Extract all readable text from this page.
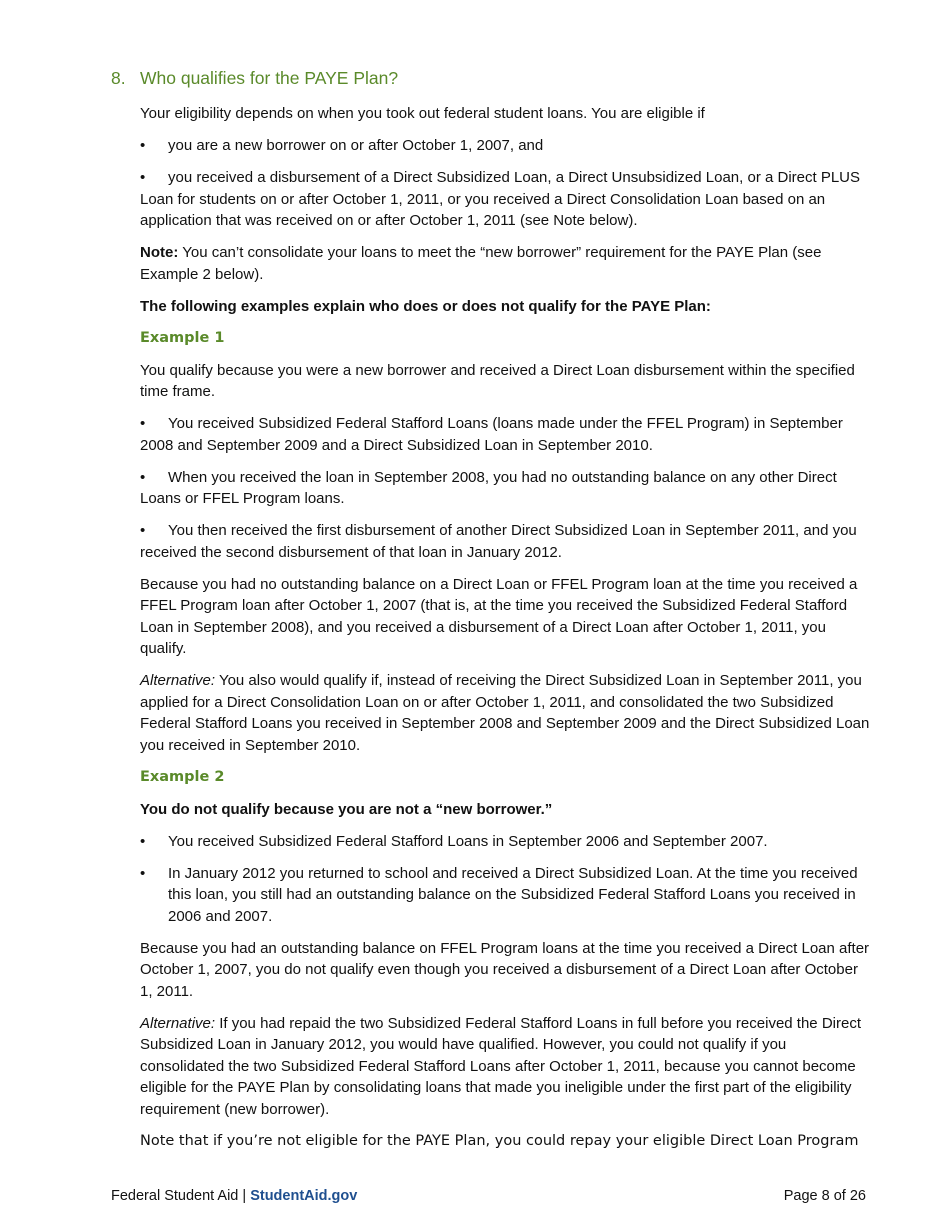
8. Who qualifies for the PAYE Plan?

Your eligibility depends on when you took out federal student loans. You are eligible if

• you are a new borrower on or after October 1, 2007, and

• you received a disbursement of a Direct Subsidized Loan, a Direct Unsubsidized Loan, or a Direct PLUS Loan for students on or after October 1, 2011, or you received a Direct Consolidation Loan based on an application that was received on or after October 1, 2011 (see Note below).

Note: You can’t consolidate your loans to meet the “new borrower” requirement for the PAYE Plan (see Example 2 below).

The following examples explain who does or does not qualify for the PAYE Plan:

Example 1

You qualify because you were a new borrower and received a Direct Loan disbursement within the specified time frame.

• You received Subsidized Federal Stafford Loans (loans made under the FFEL Program) in September 2008 and September 2009 and a Direct Subsidized Loan in September 2010.

• When you received the loan in September 2008, you had no outstanding balance on any other Direct Loans or FFEL Program loans.

• You then received the first disbursement of another Direct Subsidized Loan in September 2011, and you received the second disbursement of that loan in January 2012.

Because you had no outstanding balance on a Direct Loan or FFEL Program loan at the time you received a FFEL Program loan after October 1, 2007 (that is, at the time you received the Subsidized Federal Stafford Loan in September 2008), and you received a disbursement of a Direct Loan after October 1, 2011, you qualify.

Alternative: You also would qualify if, instead of receiving the Direct Subsidized Loan in September 2011, you applied for a Direct Consolidation Loan on or after October 1, 2011, and consolidated the two Subsidized Federal Stafford Loans you received in September 2008 and September 2009 and the Direct Subsidized Loan you received in September 2010.

Example 2

You do not qualify because you are not a “new borrower.”

• You received Subsidized Federal Stafford Loans in September 2006 and September 2007.

• In January 2012 you returned to school and received a Direct Subsidized Loan. At the time you received this loan, you still had an outstanding balance on the Subsidized Federal Stafford Loans you received in 2006 and 2007.

Because you had an outstanding balance on FFEL Program loans at the time you received a Direct Loan after October 1, 2007, you do not qualify even though you received a disbursement of a Direct Loan after October 1, 2011.

Alternative: If you had repaid the two Subsidized Federal Stafford Loans in full before you received the Direct Subsidized Loan in January 2012, you would have qualified. However, you could not qualify if you consolidated the two Subsidized Federal Stafford Loans after October 1, 2011, because you cannot become eligible for the PAYE Plan by consolidating loans that made you ineligible under the first part of the eligibility requirement (new borrower).

Note that if you’re not eligible for the PAYE Plan, you could repay your eligible Direct Loan Program

Federal Student Aid | StudentAid.gov	Page 8 of 26
